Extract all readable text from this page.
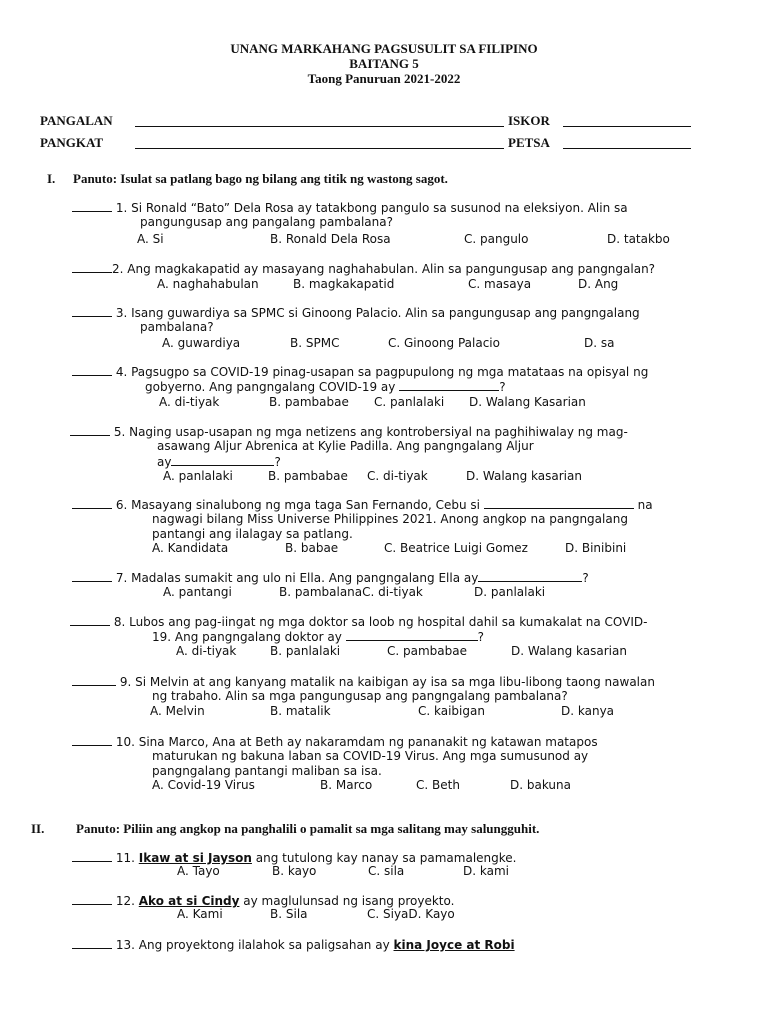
UNANG MARKAHANG PAGSUSULIT SA FILIPINO
BAITANG 5
Taong Panuruan 2021-2022
PANGALAN	ISKOR
PANGKAT	PETSA
I. Panuto: Isulat sa patlang bago ng bilang ang titik ng wastong sagot.
1. Si Ronald “Bato” Dela Rosa ay tatakbong pangulo sa susunod na eleksiyon. Alin sa
pangungusap ang pangalang pambalana?
A. Si	B. Ronald Dela Rosa	C. pangulo	D. tatakbo
2. Ang magkakapatid ay masayang naghahabulan. Alin sa pangungusap ang pangngalan?
A. naghahabulan	B. magkakapatid	C. masaya	D. Ang
3. Isang guwardiya sa SPMC si Ginoong Palacio. Alin sa pangungusap ang pangngalang
pambalana?
A. guwardiya	B. SPMC	C. Ginoong Palacio	D. sa
4. Pagsugpo sa COVID-19 pinag-usapan sa pagpupulong ng mga matataas na opisyal ng
gobyerno. Ang pangngalang COVID-19 ay	?
A. di-tiyak	B. pambabae C. panlalaki D. Walang Kasarian
5. Naging usap-usapan ng mga netizens ang kontrobersiyal na paghihiwalay ng mag-
asawang Aljur Abrenica at Kylie Padilla. Ang pangngalang Aljur
ay	?
A. panlalaki	B. pambabae C. di-tiyak	D. Walang kasarian
6. Masayang sinalubong ng mga taga San Fernando, Cebu si	na
nagwagi bilang Miss Universe Philippines 2021. Anong angkop na pangngalang
pantangi ang ilalagay sa patlang.
A. Kandidata	B. babae	C. Beatrice Luigi Gomez	D. Binibini
7. Madalas sumakit ang ulo ni Ella. Ang pangngalang Ella ay	?
A. pantangi	B. pambalanaC. di-tiyak	D. panlalaki
8. Lubos ang pag-iingat ng mga doktor sa loob ng hospital dahil sa kumakalat na COVID-
19. Ang pangngalang doktor ay	?
A. di-tiyak	B. panlalaki	C. pambabae	D. Walang kasarian
9. Si Melvin at ang kanyang matalik na kaibigan ay isa sa mga libu-libong taong nawalan
ng trabaho. Alin sa mga pangungusap ang pangngalang pambalana?
A. Melvin	B. matalik	C. kaibigan	D. kanya
10. Sina Marco, Ana at Beth ay nakaramdam ng pananakit ng katawan matapos
maturukan ng bakuna laban sa COVID-19 Virus. Ang mga sumusunod ay
pangngalang pantangi maliban sa isa.
A. Covid-19 Virus	B. Marco	C. Beth	D. bakuna
II. Panuto: Piliin ang angkop na panghalili o pamalit sa mga salitang may salungguhit.
11. Ikaw at si Jayson ang tutulong kay nanay sa pamamalengke.
A. Tayo	B. kayo	C. sila	D. kami
12. Ako at si Cindy ay maglulunsad ng isang proyekto.
A. Kami	B. Sila	C. SiyaD. Kayo
13. Ang proyektong ilalahok sa paligsahan ay kina Joyce at Robi
